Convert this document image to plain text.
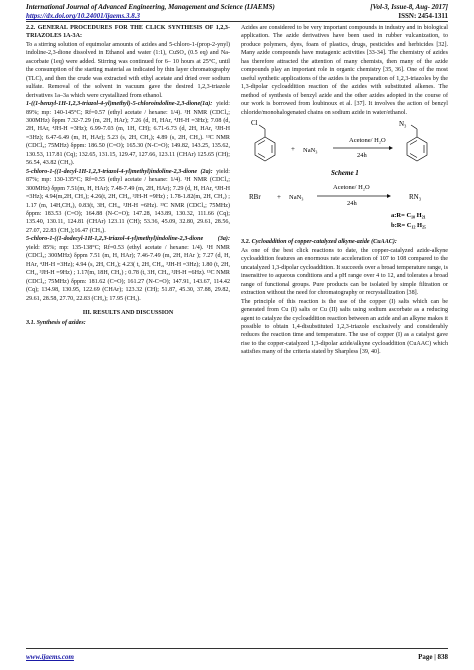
International Journal of Advanced Engineering, Management and Science (IJAEMS)	[Vol-3, Issue-8, Aug- 2017]
https://dx.doi.org/10.24001/ijaems.3.8.3	ISSN: 2454-1311

2.2. GENERAL PROCEDURES FOR THE CLICK SYNTHESIS OF 1,2,3-TRIAZOLES 1A-3A:

To a stirring solution of equimolar amounts of azides and 5-chloro-1-(prop-2-ynyl) indoline-2,3-dione dissolved in Ethanol and water (1:1), CuSO₄ (0.5 eq) and Na-ascorbate (1eq) were added. Stirring was continued for 6– 10 hours at 25°C, until the consumption of the starting material as indicated by thin layer chromatography (TLC), and then the crude was extracted with ethyl acetate and dried over sodium sulfate. Removal of the solvent in vacuum gave the desired 1,2,3-triazole derivatives 1a–3a which were crystallized from ethanol.

1-((1-benzyl-1H-1,2,3-triazol-4-yl)methyl)-5-chloroindoline-2,3-dione(1a): yield: 89%; mp: 140-145°C; Rf=0.57 (ethyl acetate / hexane: 1/4). ¹H NMR (CDCl₃; 300MHz) δppm 7.32-7.29 (m, 2H, HAr); 7.26 (d, H, HAr, ⁴JH-H =3Hz); 7.08 (d, 2H, HAr, ⁴JH-H =3Hz); 6.99-7.03 (m, 1H, CH); 6.71-6.73 (d, 2H, HAr, ³JH-H =3Hz); 6.47-6.49 (m, H, HAr); 5.23 (s, 2H, CH₂); 4.89 (s, 2H, CH₂). ¹³C NMR (CDCl₃; 75MHz) δppm: 186.50 (C=O); 165.30 (N-C=O); 149.82, 143.25, 135.62, 130.53, 117.81 (Cq); 132.65, 131.15, 129.47, 127.66, 123.11 (CHAr) 125.65 (CH); 56.54, 43.82 (CH₂).

5-chloro-1-((1-decyl-1H-1,2,3-triazol-4-yl)methyl)indoline-2,3-dione (2a): yield: 87%; mp: 130-135°C; Rf=0.55 (ethyl acetate / hexane: 1/4). ¹H NMR (CDCl₃; 300MHz) δppm 7.51(m, H, HAr); 7.48-7.49 (m, 2H, HAr); 7.29 (d, H, HAr, ⁴JH-H =3Hz); 4.94(m,2H, CH₂); 4.26(t, 2H, CH₂, ³JH-H =9Hz) ; 1.78-1.82(m, 2H, CH₂) ; 1.17 (m, 14H,CH₂), 0.83(t, 3H, CH₃, ³JH-H =6Hz). ¹³C NMR (CDCl₃; 75MHz) δppm: 183.53 (C=O); 164.88 (N-C=O); 147.28, 143.89, 130.32, 111.66 (Cq); 135.40, 130.11, 124.81 (CHAr) 123.11 (CH); 53.36, 45.09, 32.80, 29.61, 28.56, 27.07, 22.83 (CH₂);16.47 (CH₃).

5-chloro-1-((1-dodecyl-1H-1,2,3-triazol-4-yl)methyl)indoline-2,3-dione (3a): yield: 85%; mp: 135-138°C; Rf=0.53 (ethyl acetate / hexane: 1/4). ¹H NMR (CDCl₃; 300MHz) δppm 7.51 (m, H, HAr); 7.46-7.49 (m, 2H, HAr ); 7.27 (d, H, HAr, ⁴JH-H =3Hz); 4.94 (s, 2H, CH₂); 4.23( t, 2H, CH₂, ³JH-H =3Hz); 1.80 (t, 2H, CH₂, ³JH-H =9Hz) ; 1.17(m, 18H, CH₂) ; 0.78 (t, 3H, CH₃, ³JH-H =6Hz). ¹³C NMR (CDCl₃; 75MHz) δppm: 181.62 (C=O); 161.27 (N-C=O); 147.91, 143.67, 114.42 (Cq); 134.98, 130.95, 122.69 (CHAr); 123.32 (CH); 51.87, 45.30, 37.88, 29.82, 29.61, 28.58, 27.70, 22.83 (CH₂); 17.95 (CH₃).

III. RESULTS AND DISCUSSION

3.1. Synthesis of azides:

Azides are considered to be very important compounds in industry and in biological application. The azide derivatives have been used in rubber vulcanization, to produce polymers, dyes, foam of plastics, drugs, pesticides and herbicides [32]. Many azide compounds have mutagenic activities [33-34]. The chemistry of azides has therefore attracted the attention of many chemists, then many of the azide compounds play an important role in organic chemistry [35, 36]. One of the most useful synthetic applications of the azides is the preparation of 1,2,3-triazoles by the 1,3-dipolar cycloaddition reaction of the azides with substituted alkenes. The method of synthesis of benzyl azide and the other azides adopted in the course of our work is borrowed from loubinoux et al. [37]. It involves the action of benzyl chloride/monohalogenated chains on sodium azide in water/ethanol.

Cl
+ NaN₃
Acetone/ H₂O
24h
N₃
Scheme 1
RBr + NaN₃
Acetone/ H₂O
24h
RN₃
a:R= C₁₀ H₂₁
b:R= C₁₂ H₂₅

3.2. Cycloaddition of copper-catalyzed alkyne-azide (CuAAC):

As one of the best click reactions to date, the copper-catalyzed azide-alkyne cycloaddition features an enormous rate acceleration of 107 to 108 compared to the uncatalyzed 1,3-dipolar cycloaddition. It succeeds over a broad temperature range, is insensitive to aqueous conditions and a pH range over 4 to 12, and tolerates a broad range of functional groups. Pure products can be isolated by simple filtration or extraction without the need for chromatography or recrystallization [38].

The principle of this reaction is the use of the copper (I) salts which can be generated from Cu (I) salts or Cu (II) salts using sodium ascorbate as a reducing agent to catalyze the cycloaddition reaction between an azide and an alkyne makes it possible to obtain 1,4-disubstituted 1,2,3-triazole exclusively and considerably reduces the reaction time and temperature. The use of copper (I) as a catalyst gave rise to the copper-catalyzed 1,3-dipolar azide/alkyne cycloaddition (CuAAC) which satisfies many of the criteria stated by Sharpless [39, 40].

www.ijaems.com	Page | 838
